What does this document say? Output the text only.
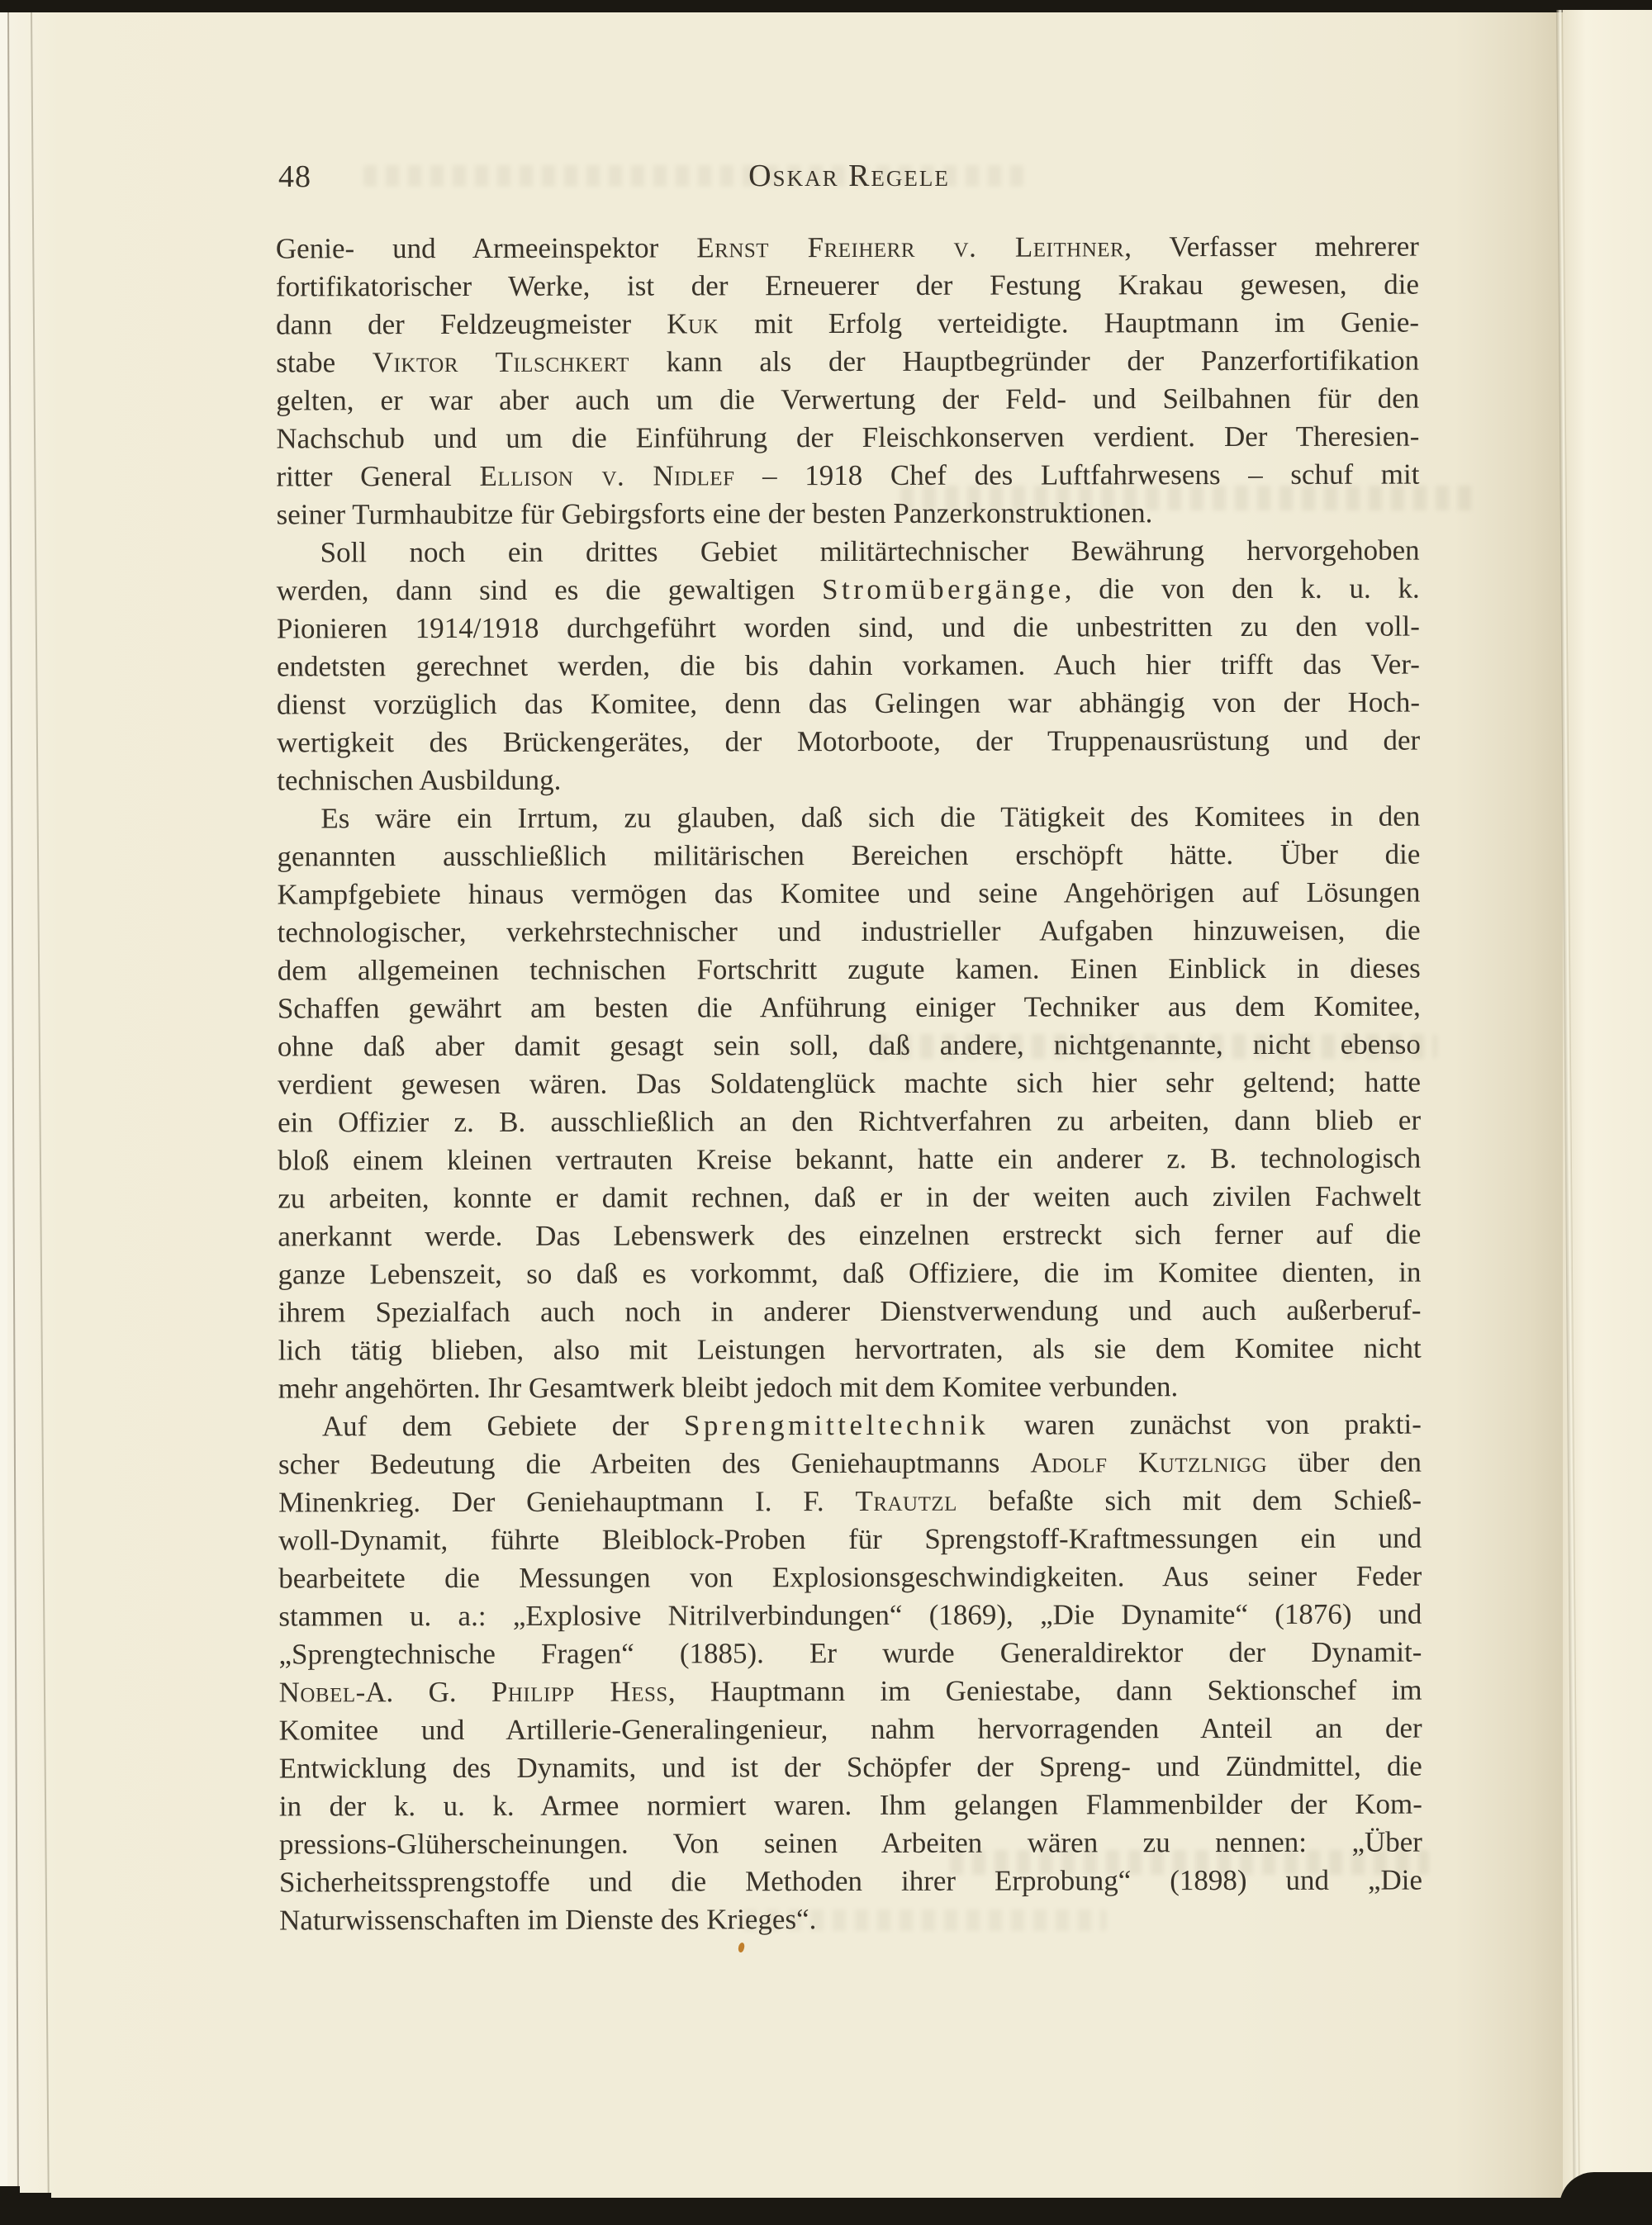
48	Oskar Regele
Genie- und Armeeinspektor Ernst Freiherr v. Leithner, Verfasser mehrerer
fortifikatorischer Werke, ist der Erneuerer der Festung Krakau gewesen, die
dann der Feldzeugmeister Kuk mit Erfolg verteidigte. Hauptmann im Genie-
stabe Viktor Tilschkert kann als der Hauptbegründer der Panzerfortifikation
gelten, er war aber auch um die Verwertung der Feld- und Seilbahnen für den
Nachschub und um die Einführung der Fleischkonserven verdient. Der Theresien-
ritter General Ellison v. Nidlef – 1918 Chef des Luftfahrwesens – schuf mit
seiner Turmhaubitze für Gebirgsforts eine der besten Panzerkonstruktionen.
Soll noch ein drittes Gebiet militärtechnischer Bewährung hervorgehoben
werden, dann sind es die gewaltigen Stromübergänge, die von den k. u. k.
Pionieren 1914/1918 durchgeführt worden sind, und die unbestritten zu den voll-
endetsten gerechnet werden, die bis dahin vorkamen. Auch hier trifft das Ver-
dienst vorzüglich das Komitee, denn das Gelingen war abhängig von der Hoch-
wertigkeit des Brückengerätes, der Motorboote, der Truppenausrüstung und der
technischen Ausbildung.
Es wäre ein Irrtum, zu glauben, daß sich die Tätigkeit des Komitees in den
genannten ausschließlich militärischen Bereichen erschöpft hätte. Über die
Kampfgebiete hinaus vermögen das Komitee und seine Angehörigen auf Lösungen
technologischer, verkehrstechnischer und industrieller Aufgaben hinzuweisen, die
dem allgemeinen technischen Fortschritt zugute kamen. Einen Einblick in dieses
Schaffen gewährt am besten die Anführung einiger Techniker aus dem Komitee,
ohne daß aber damit gesagt sein soll, daß andere, nichtgenannte, nicht ebenso
verdient gewesen wären. Das Soldatenglück machte sich hier sehr geltend; hatte
ein Offizier z. B. ausschließlich an den Richtverfahren zu arbeiten, dann blieb er
bloß einem kleinen vertrauten Kreise bekannt, hatte ein anderer z. B. technologisch
zu arbeiten, konnte er damit rechnen, daß er in der weiten auch zivilen Fachwelt
anerkannt werde. Das Lebenswerk des einzelnen erstreckt sich ferner auf die
ganze Lebenszeit, so daß es vorkommt, daß Offiziere, die im Komitee dienten, in
ihrem Spezialfach auch noch in anderer Dienstverwendung und auch außerberuf-
lich tätig blieben, also mit Leistungen hervortraten, als sie dem Komitee nicht
mehr angehörten. Ihr Gesamtwerk bleibt jedoch mit dem Komitee verbunden.
Auf dem Gebiete der Sprengmitteltechnik waren zunächst von prakti-
scher Bedeutung die Arbeiten des Geniehauptmanns Adolf Kutzlnigg über den
Minenkrieg. Der Geniehauptmann I. F. Trautzl befaßte sich mit dem Schieß-
woll-Dynamit, führte Bleiblock-Proben für Sprengstoff-Kraftmessungen ein und
bearbeitete die Messungen von Explosionsgeschwindigkeiten. Aus seiner Feder
stammen u. a.: „Explosive Nitrilverbindungen“ (1869), „Die Dynamite“ (1876) und
„Sprengtechnische Fragen“ (1885). Er wurde Generaldirektor der Dynamit-
Nobel-A. G. Philipp Hess, Hauptmann im Geniestabe, dann Sektionschef im
Komitee und Artillerie-Generalingenieur, nahm hervorragenden Anteil an der
Entwicklung des Dynamits, und ist der Schöpfer der Spreng- und Zündmittel, die
in der k. u. k. Armee normiert waren. Ihm gelangen Flammenbilder der Kom-
pressions-Glüherscheinungen. Von seinen Arbeiten wären zu nennen: „Über
Sicherheitssprengstoffe und die Methoden ihrer Erprobung“ (1898) und „Die
Naturwissenschaften im Dienste des Krieges“.
